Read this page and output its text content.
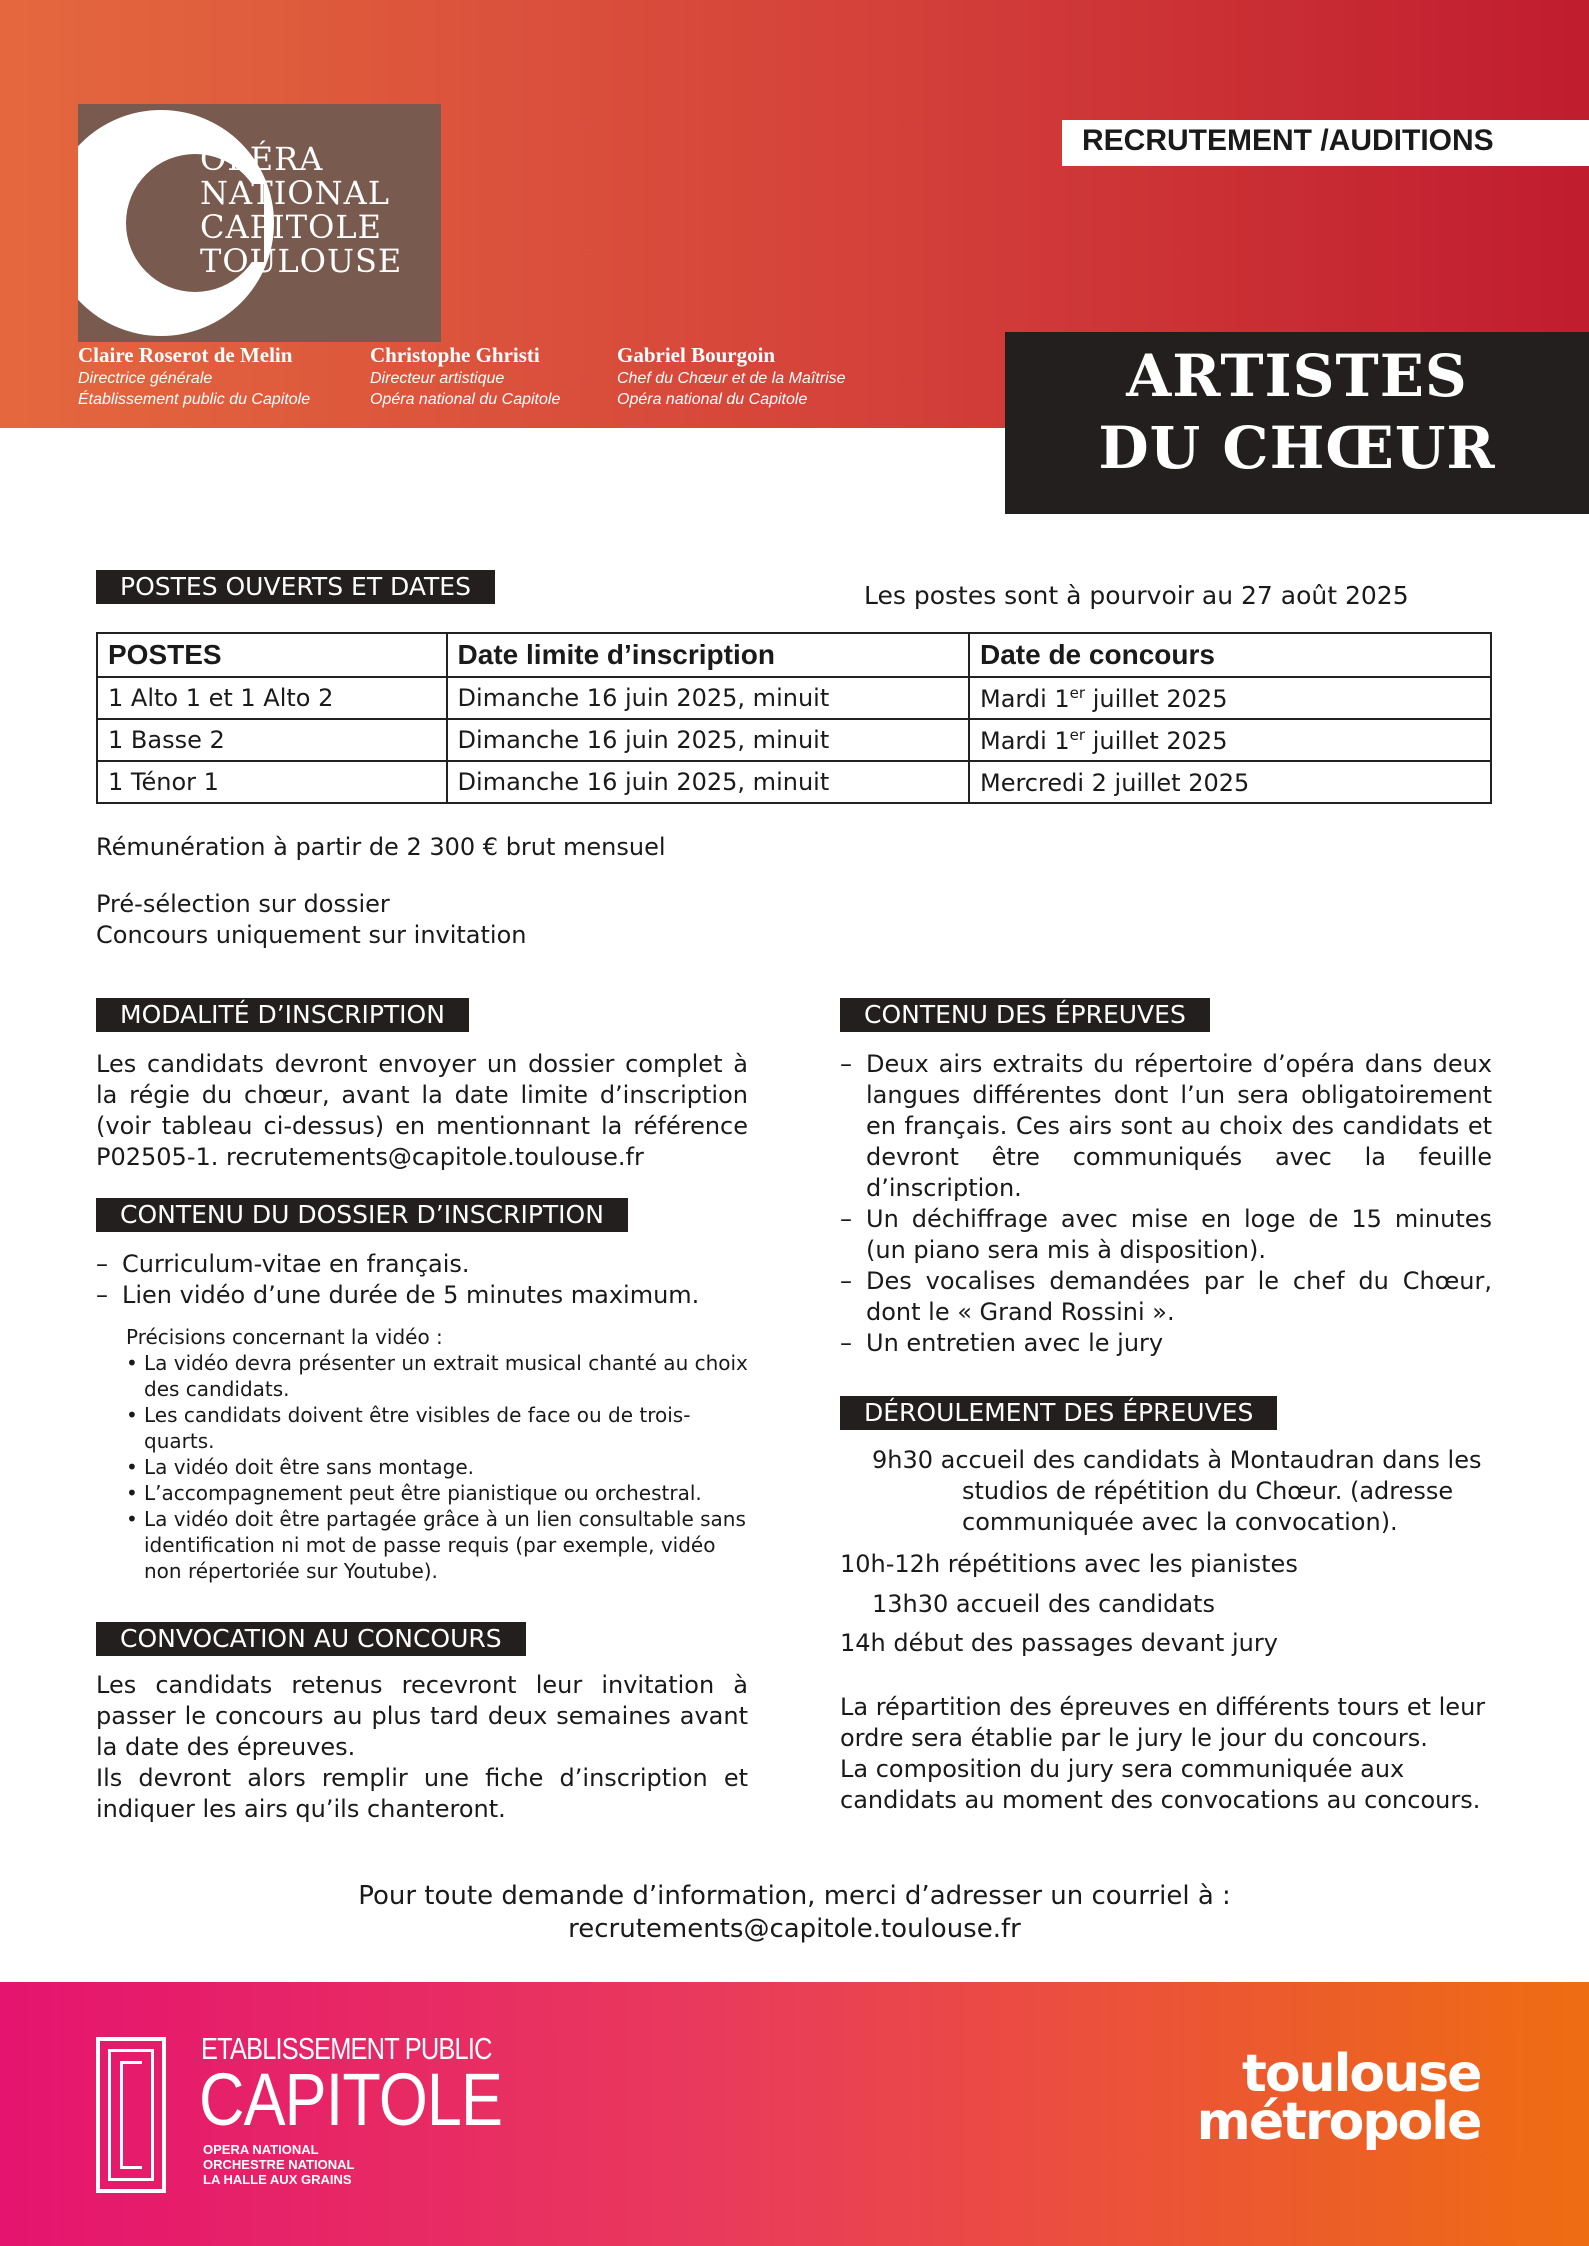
OPÉRA
NATIONAL
CAPITOLE
TOULOUSE
Claire Roserot de Melin
Directrice générale
Établissement public du Capitole
Christophe Ghristi
Directeur artistique
Opéra national du Capitole
Gabriel Bourgoin
Chef du Chœur et de la Maîtrise
Opéra national du Capitole
RECRUTEMENT /AUDITIONS
ARTISTES
DU CHŒUR
POSTES OUVERTS ET DATES	Les postes sont à pourvoir au 27 août 2025
POSTES	Date limite d’inscription	Date de concours
1 Alto 1 et 1 Alto 2	Dimanche 16 juin 2025, minuit	Mardi 1er juillet 2025
1 Basse 2	Dimanche 16 juin 2025, minuit	Mardi 1er juillet 2025
1 Ténor 1	Dimanche 16 juin 2025, minuit	Mercredi 2 juillet 2025
Rémunération à partir de 2 300 € brut mensuel
Pré-sélection sur dossier
Concours uniquement sur invitation
MODALITÉ D’INSCRIPTION
Les candidats devront envoyer un dossier complet à la régie du chœur, avant la date limite d’inscription (voir tableau ci-dessus) en mentionnant la référence P02505-1. recrutements@capitole.toulouse.fr
CONTENU DU DOSSIER D’INSCRIPTION

– Curriculum-vitae en français.

– Lien vidéo d’une durée de 5 minutes maximum.

Précisions concernant la vidéo :

• La vidéo devra présenter un extrait musical chanté au choix des candidats.

• Les candidats doivent être visibles de face ou de trois-quarts.

• La vidéo doit être sans montage.

• L’accompagnement peut être pianistique ou orchestral.

• La vidéo doit être partagée grâce à un lien consultable sans identification ni mot de passe requis (par exemple, vidéo non répertoriée sur Youtube).

CONVOCATION AU CONCOURS
Les candidats retenus recevront leur invitation à passer le concours au plus tard deux semaines avant la date des épreuves.
Ils devront alors remplir une fiche d’inscription et indiquer les airs qu’ils chanteront.
CONTENU DES ÉPREUVES

– Deux airs extraits du répertoire d’opéra dans deux langues différentes dont l’un sera obligatoirement en français. Ces airs sont au choix des candidats et devront être communiqués avec la feuille d’inscription.

– Un déchiffrage avec mise en loge de 15 minutes (un piano sera mis à disposition).

– Des vocalises demandées par le chef du Chœur, dont le « Grand Rossini ».

– Un entretien avec le jury

DÉROULEMENT DES ÉPREUVES
9h30 accueil des candidats à Montaudran dans les
studios de répétition du Chœur. (adresse
communiquée avec la convocation).
10h-12h répétitions avec les pianistes
13h30 accueil des candidats
14h début des passages devant jury
La répartition des épreuves en différents tours et leur ordre sera établie par le jury le jour du concours.
La composition du jury sera communiquée aux candidats au moment des convocations au concours.
Pour toute demande d’information, merci d’adresser un courriel à :
recrutements@capitole.toulouse.fr
ETABLISSEMENT PUBLIC
CAPITOLE
OPERA NATIONAL
ORCHESTRE NATIONAL
LA HALLE AUX GRAINS
toulouse
métropole
